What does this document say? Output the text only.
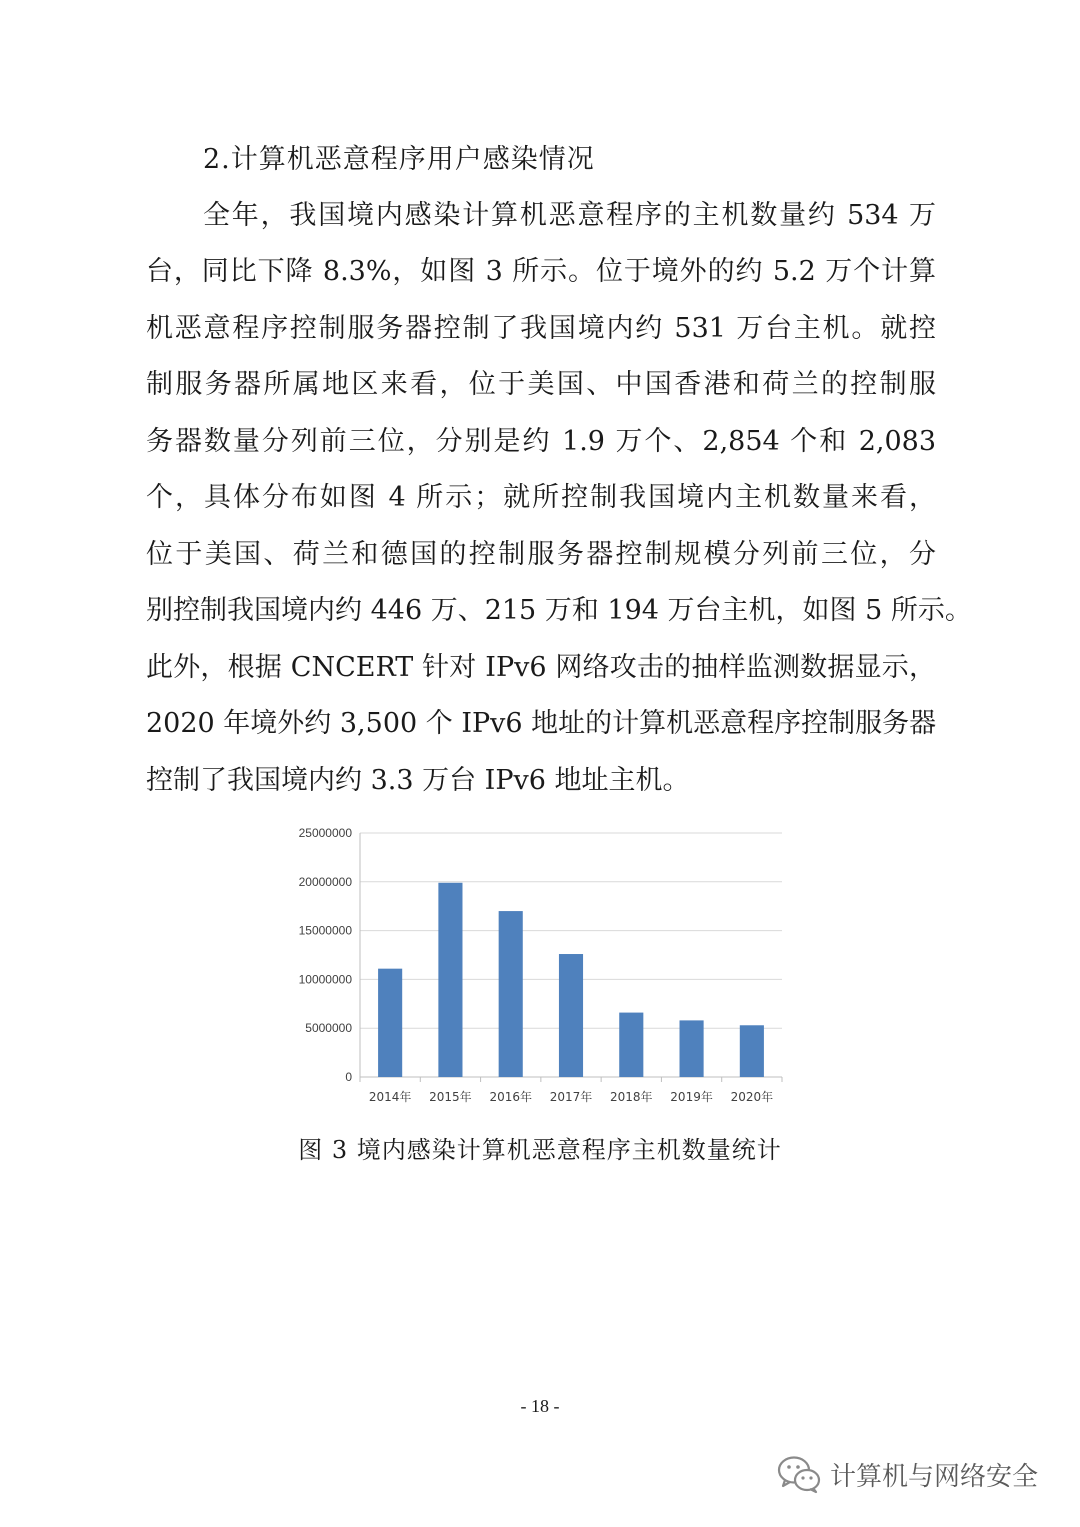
2.计算机恶意程序用户感染情况
全年，我国境内感染计算机恶意程序的主机数量约 534 万
台，同比下降 8.3%，如图 3 所示。位于境外的约 5.2 万个计算
机恶意程序控制服务器控制了我国境内约 531 万台主机。就控
制服务器所属地区来看，位于美国、中国香港和荷兰的控制服
务器数量分列前三位，分别是约 1.9 万个、2,854 个和 2,083
个，具体分布如图 4 所示；就所控制我国境内主机数量来看，
位于美国、荷兰和德国的控制服务器控制规模分列前三位，分
别控制我国境内约 446 万、215 万和 194 万台主机，如图 5 所示。
此外，根据 CNCERT 针对 IPv6 网络攻击的抽样监测数据显示，
2020 年境外约 3,500 个 IPv6 地址的计算机恶意程序控制服务器
控制了我国境内约 3.3 万台 IPv6 地址主机。
0
5000000
10000000
15000000
20000000
25000000
2014年 2015年 2016年 2017年 2018年 2019年 2020年
图 3 境内感染计算机恶意程序主机数量统计
- 18 -
计算机与网络安全
